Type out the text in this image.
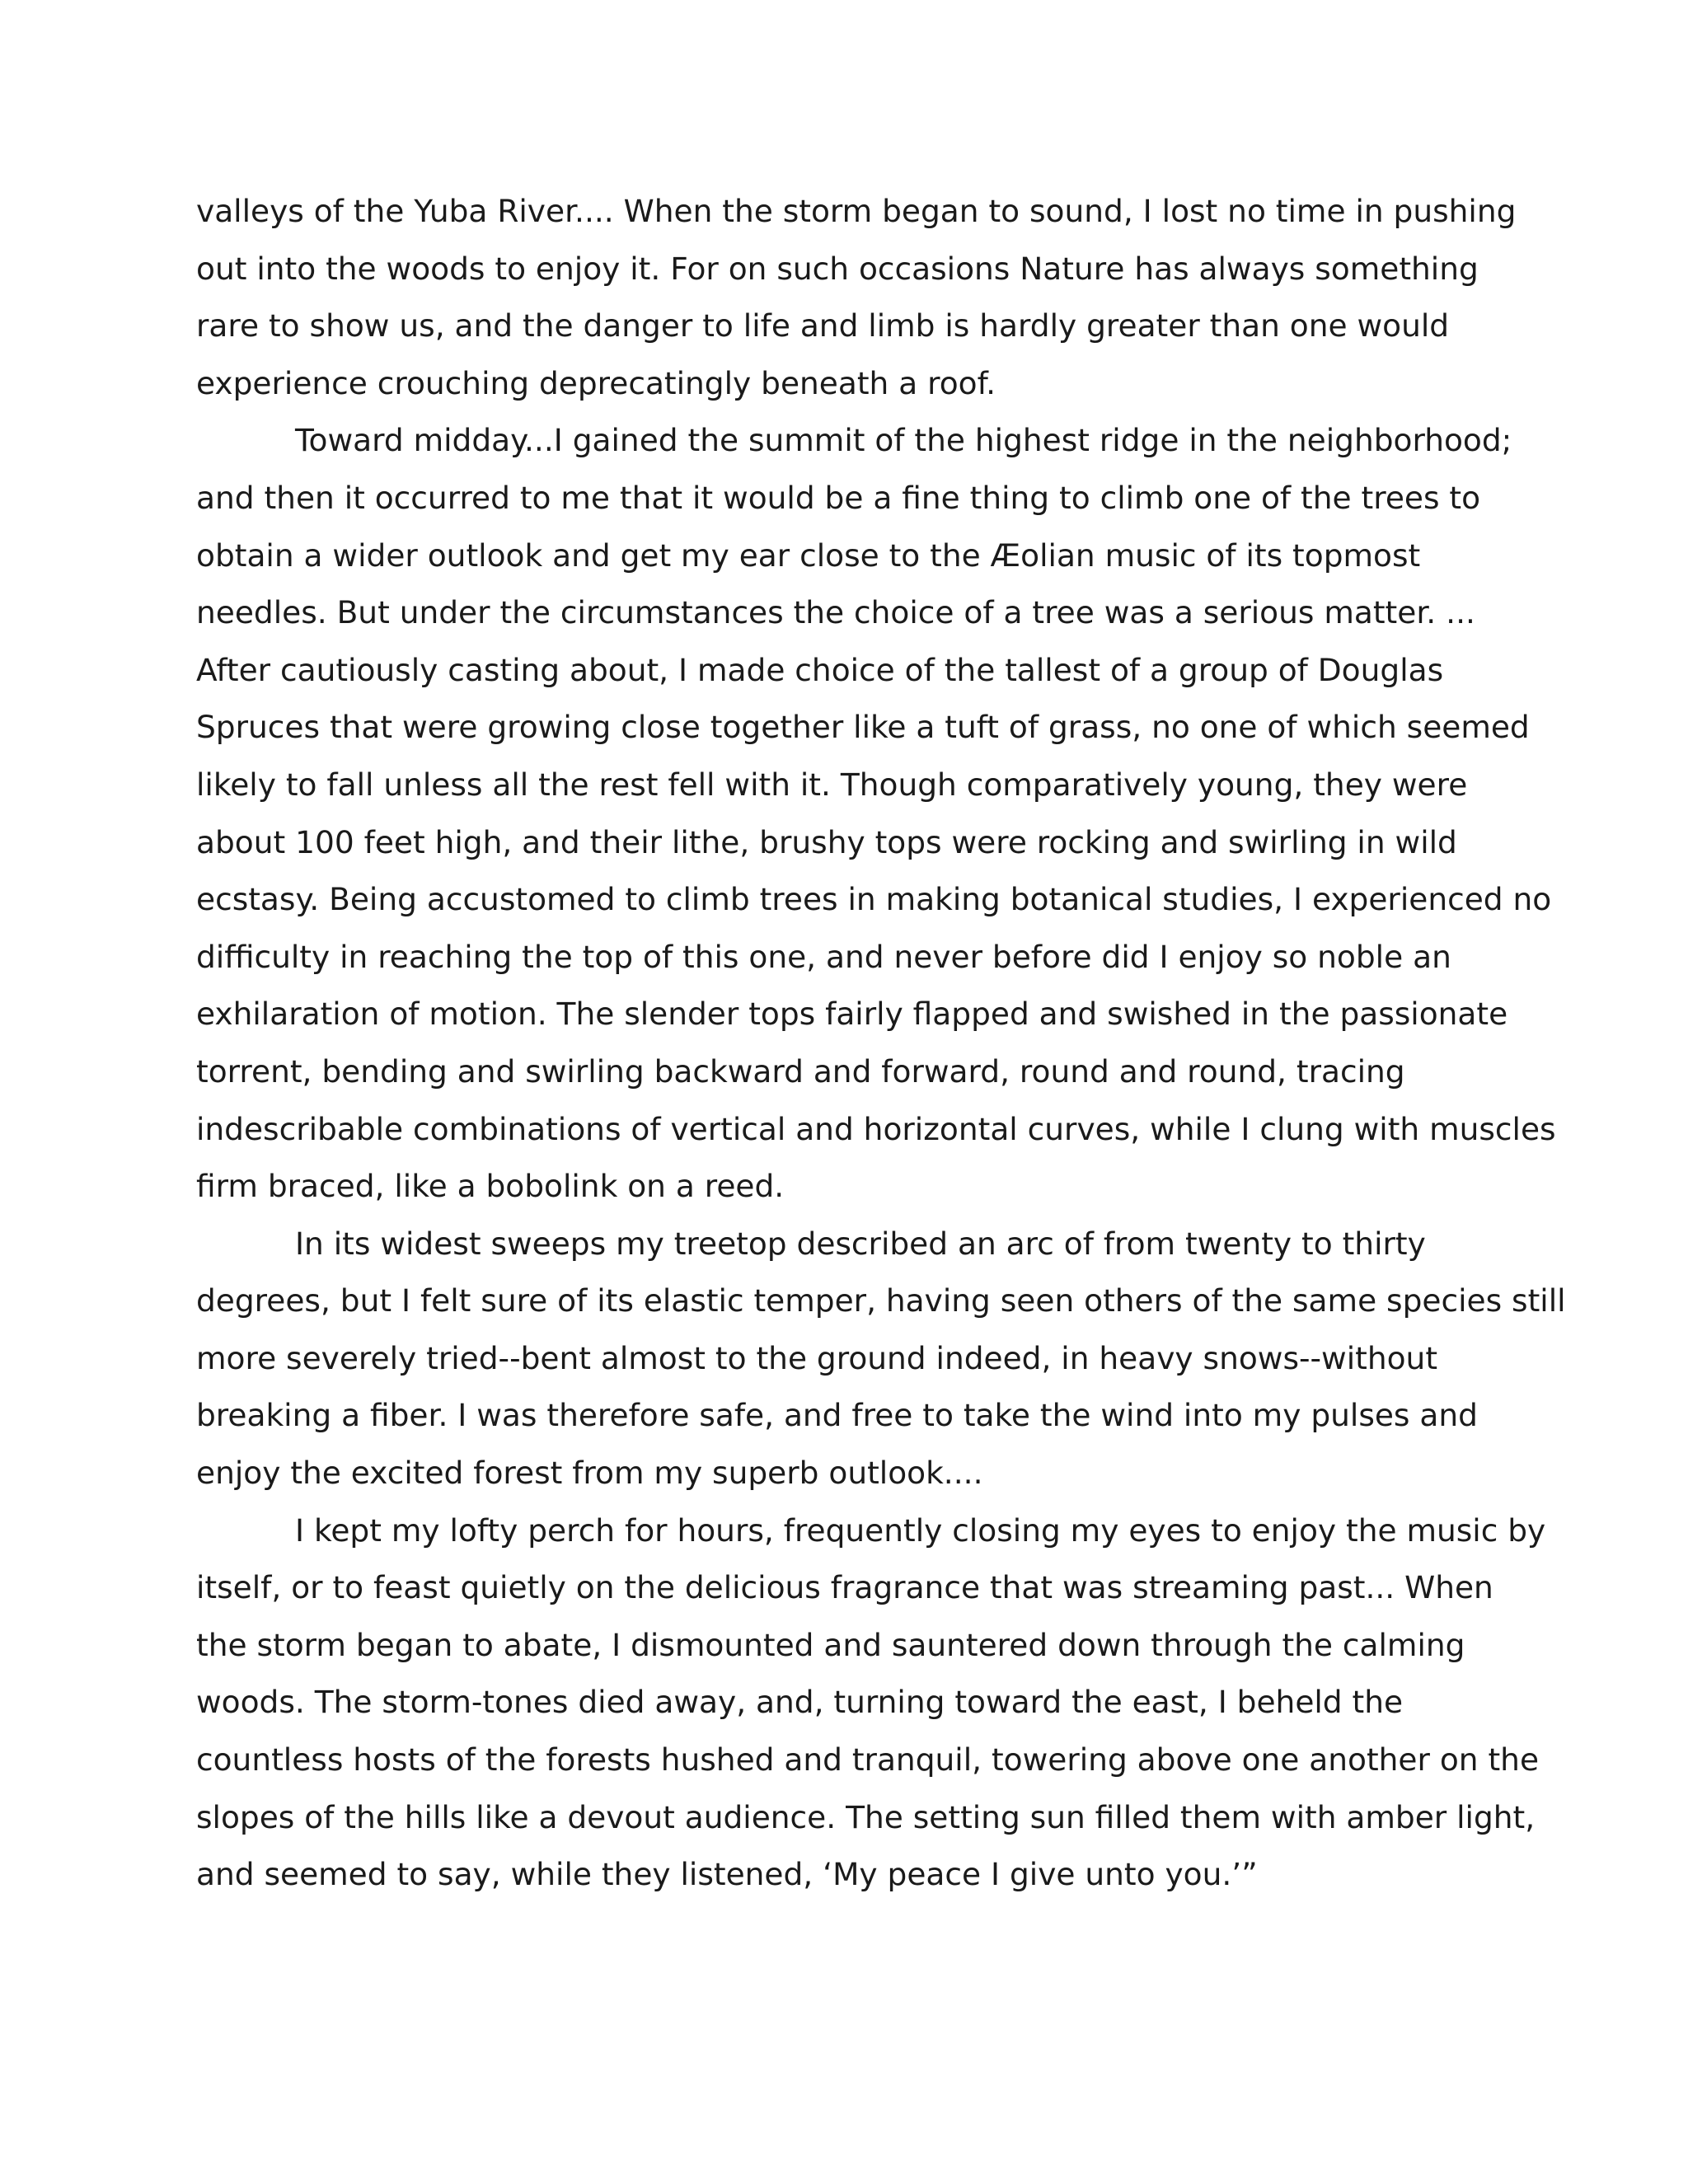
valleys of the Yuba River.... When the storm began to sound, I lost no time in pushing
out into the woods to enjoy it. For on such occasions Nature has always something
rare to show us, and the danger to life and limb is hardly greater than one would
experience crouching deprecatingly beneath a roof.
Toward midday...I gained the summit of the highest ridge in the neighborhood;
and then it occurred to me that it would be a fine thing to climb one of the trees to
obtain a wider outlook and get my ear close to the Æolian music of its topmost
needles. But under the circumstances the choice of a tree was a serious matter. ...
After cautiously casting about, I made choice of the tallest of a group of Douglas
Spruces that were growing close together like a tuft of grass, no one of which seemed
likely to fall unless all the rest fell with it. Though comparatively young, they were
about 100 feet high, and their lithe, brushy tops were rocking and swirling in wild
ecstasy. Being accustomed to climb trees in making botanical studies, I experienced no
difficulty in reaching the top of this one, and never before did I enjoy so noble an
exhilaration of motion. The slender tops fairly flapped and swished in the passionate
torrent, bending and swirling backward and forward, round and round, tracing
indescribable combinations of vertical and horizontal curves, while I clung with muscles
firm braced, like a bobolink on a reed.
In its widest sweeps my treetop described an arc of from twenty to thirty
degrees, but I felt sure of its elastic temper, having seen others of the same species still
more severely tried--bent almost to the ground indeed, in heavy snows--without
breaking a fiber. I was therefore safe, and free to take the wind into my pulses and
enjoy the excited forest from my superb outlook....
I kept my lofty perch for hours, frequently closing my eyes to enjoy the music by
itself, or to feast quietly on the delicious fragrance that was streaming past... When
the storm began to abate, I dismounted and sauntered down through the calming
woods. The storm-tones died away, and, turning toward the east, I beheld the
countless hosts of the forests hushed and tranquil, towering above one another on the
slopes of the hills like a devout audience. The setting sun filled them with amber light,
and seemed to say, while they listened, ‘My peace I give unto you.’”
